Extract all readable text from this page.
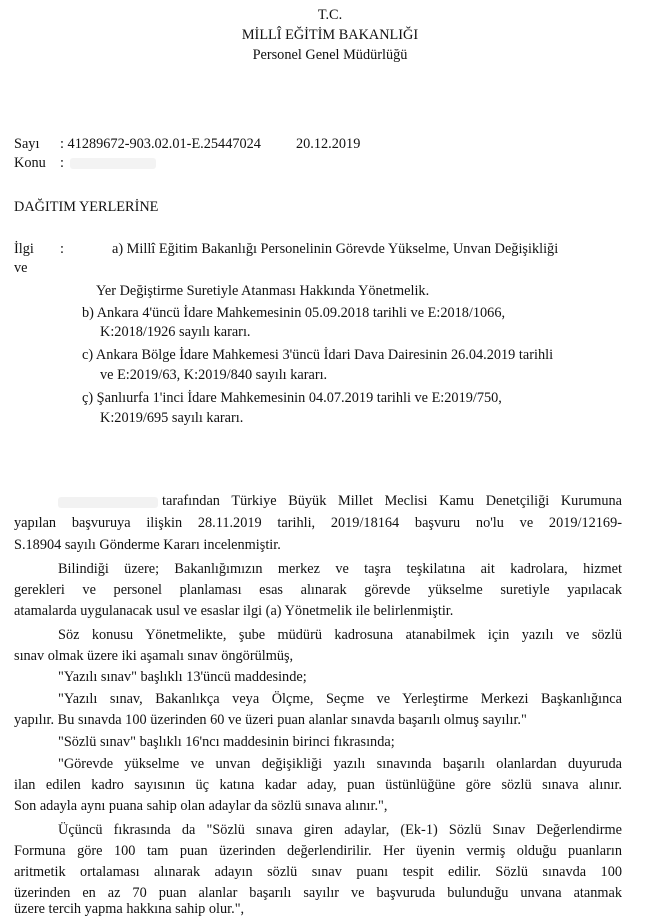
T.C.
MİLLÎ EĞİTİM BAKANLIĞI
Personel Genel Müdürlüğü
Sayı : 41289672-903.02.01-E.25447024 20.12.2019
Konu :
DAĞITIM YERLERİNE
İlgi :	a) Millî Eğitim Bakanlığı Personelinin Görevde Yükselme, Unvan Değişikliği
ve
Yer Değiştirme Suretiyle Atanması Hakkında Yönetmelik.
b) Ankara 4'üncü İdare Mahkemesinin 05.09.2018 tarihli ve E:2018/1066,
K:2018/1926 sayılı kararı.
c) Ankara Bölge İdare Mahkemesi 3'üncü İdari Dava Dairesinin 26.04.2019 tarihli
ve E:2019/63, K:2019/840 sayılı kararı.
ç) Şanlıurfa 1'inci İdare Mahkemesinin 04.07.2019 tarihli ve E:2019/750,
K:2019/695 sayılı kararı.
tarafından Türkiye Büyük Millet Meclisi Kamu Denetçiliği Kurumuna
yapılan başvuruya ilişkin 28.11.2019 tarihli, 2019/18164 başvuru no'lu ve 2019/12169-
S.18904 sayılı Gönderme Kararı incelenmiştir.
Bilindiği üzere; Bakanlığımızın merkez ve taşra teşkilatına ait kadrolara, hizmet
gerekleri ve personel planlaması esas alınarak görevde yükselme suretiyle yapılacak
atamalarda uygulanacak usul ve esaslar ilgi (a) Yönetmelik ile belirlenmiştir.
Söz konusu Yönetmelikte, şube müdürü kadrosuna atanabilmek için yazılı ve sözlü
sınav olmak üzere iki aşamalı sınav öngörülmüş,
"Yazılı sınav" başlıklı 13'üncü maddesinde;
"Yazılı sınav, Bakanlıkça veya Ölçme, Seçme ve Yerleştirme Merkezi Başkanlığınca
yapılır. Bu sınavda 100 üzerinden 60 ve üzeri puan alanlar sınavda başarılı olmuş sayılır."
"Sözlü sınav" başlıklı 16'ncı maddesinin birinci fıkrasında;
"Görevde yükselme ve unvan değişikliği yazılı sınavında başarılı olanlardan duyuruda
ilan edilen kadro sayısının üç katına kadar aday, puan üstünlüğüne göre sözlü sınava alınır.
Son adayla aynı puana sahip olan adaylar da sözlü sınava alınır.",
Üçüncü fıkrasında da "Sözlü sınava giren adaylar, (Ek-1) Sözlü Sınav Değerlendirme
Formuna göre 100 tam puan üzerinden değerlendirilir. Her üyenin vermiş olduğu puanların
aritmetik ortalaması alınarak adayın sözlü sınav puanı tespit edilir. Sözlü sınavda 100
üzerinden en az 70 puan alanlar başarılı sayılır ve başvuruda bulunduğu unvana atanmak
üzere tercih yapma hakkına sahip olur.",
